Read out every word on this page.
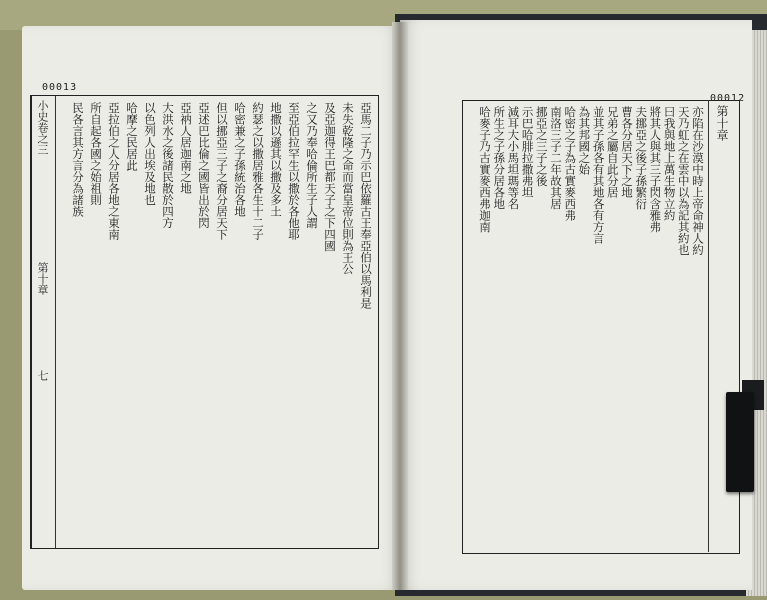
00013
00012
小史卷之三
第十章
七
亞馬二子乃示巴依羅古王奉亞伯以馬利是
未失乾隆之命而當皇帝位則為王公
及亞迦得王巴都天子之下四國
之又乃奉哈倫所生子人謂
至亞伯拉罕生以撒於各他耶
地撒以遜其以撒及多土
約瑟之以撒居雅各生十二子
哈密兼之子孫統治各地
但以挪亞三子之裔分居天下
亞述巴比倫之國皆出於閃
亞衲人居迦南之地
大洪水之後諸民散於四方
以色列人出埃及地也
哈摩之民居此
亞拉伯之人分居各地之東南
所自起各國之始祖則
民各言其方言分為諸族	第十章
亦陷在沙漠中時上帝命神人約
天乃虹之在雲中以為記其約也
曰我與地上萬生物立約
將其人與其三子閃含雅弗
夫挪亞之後子孫繁衍
曹各分居天下之地
兄弟之屬自此分居
並其子孫各有其地各有方言
為其邦國之始
哈密之子為古實麥西弗
南洛三子二年故其居
挪亞之三子之後
示巴哈腓拉撒弗坦
減耳大小馬坦瑪等名
所生之子孫分居各地
哈麥子乃古實麥西弗迦南
